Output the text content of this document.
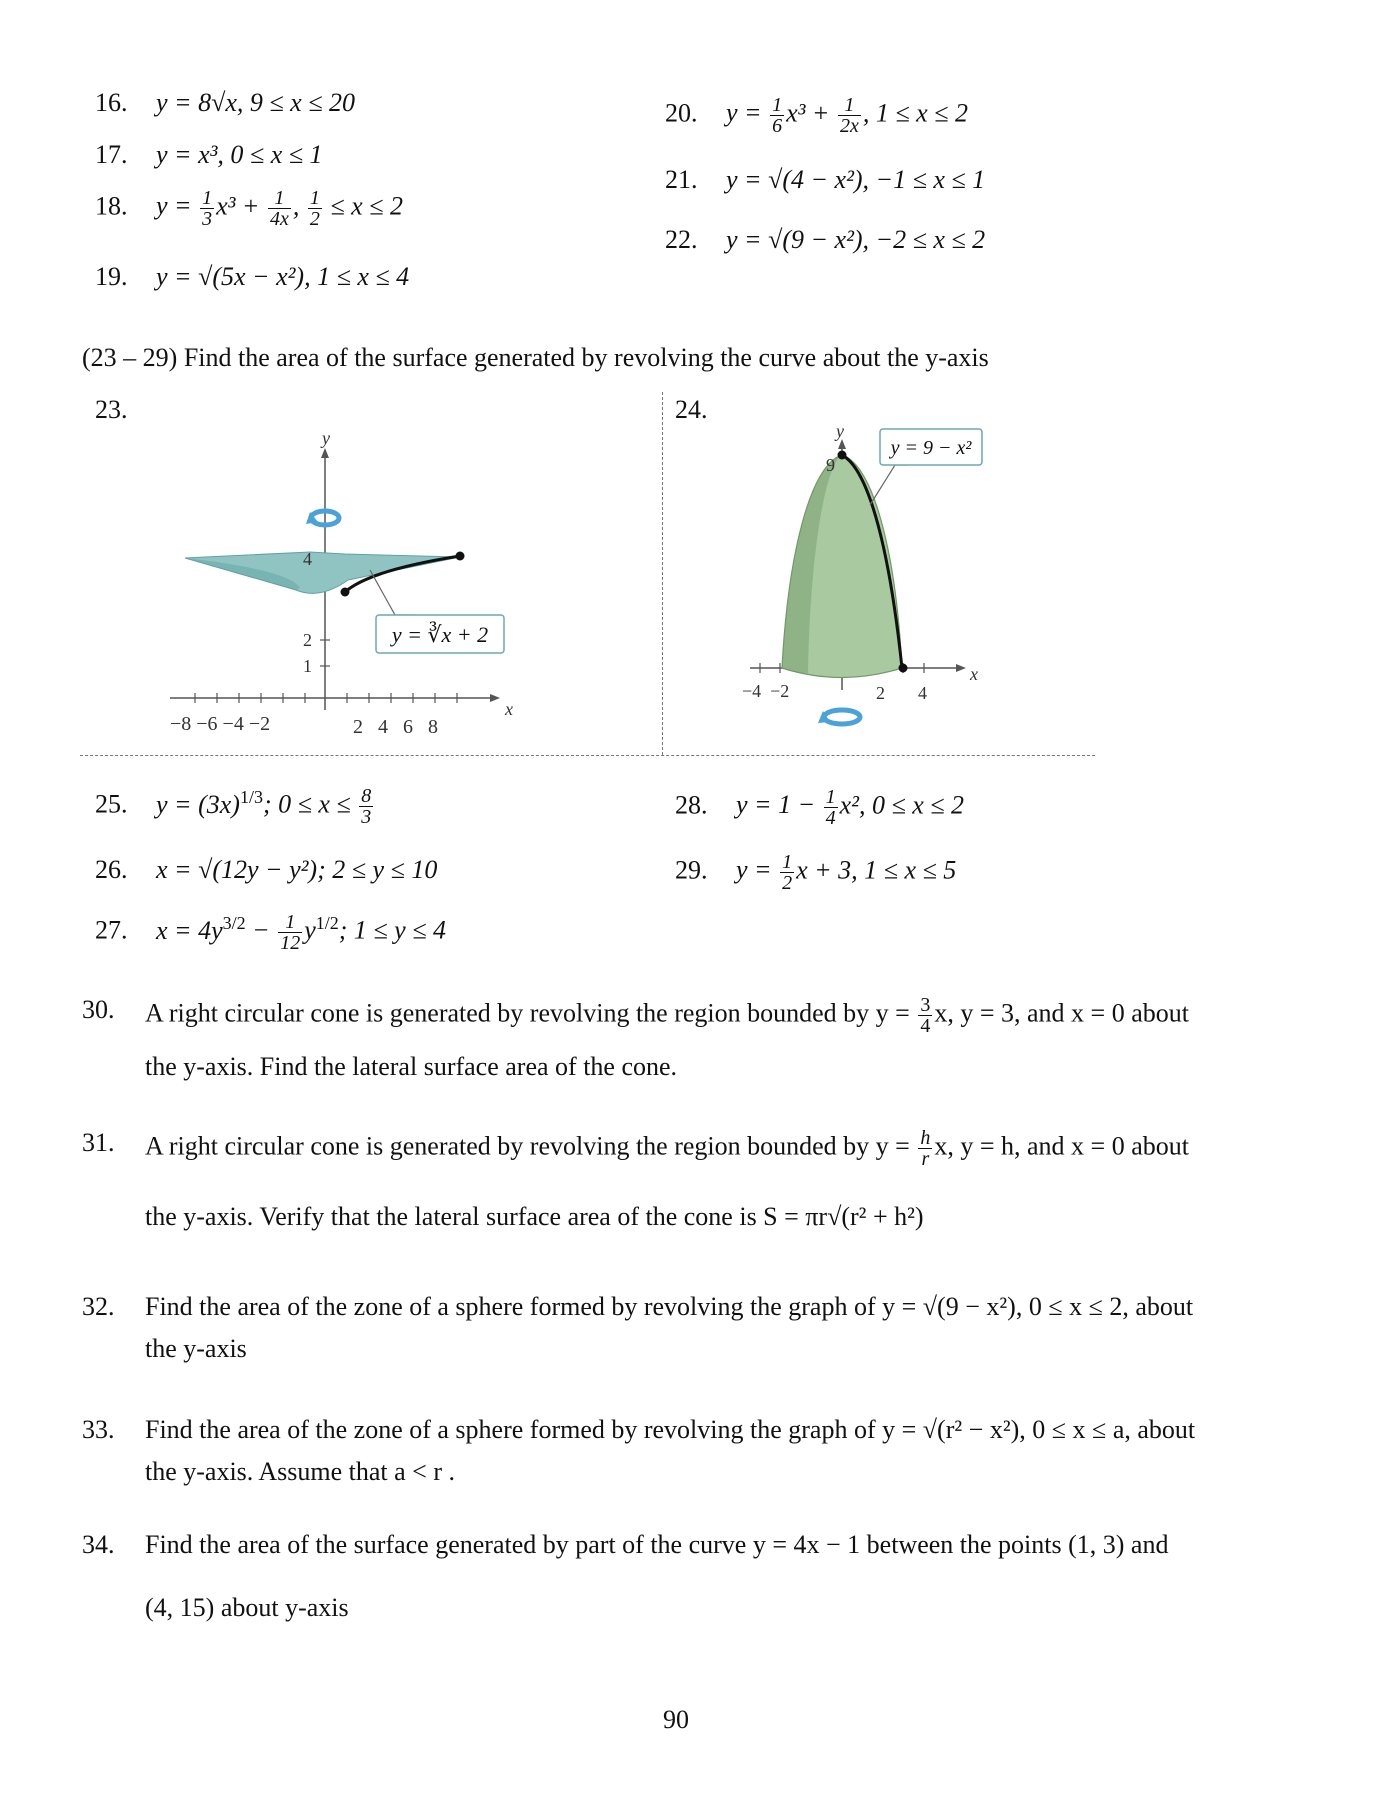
16. y = 8√x, 9 ≤ x ≤ 20
17. y = x³, 0 ≤ x ≤ 1
18. $y = \frac{1}{3} x^3 + \frac{1}{4x}$ , $\frac{1}{2} \le x \le 2$
19. y = √(5x − x²), 1 ≤ x ≤ 4
20. $y = \frac{1}{6} x^3 + \frac{1}{2x}$ , 1 ≤ x ≤ 2
21. y = √(4 − x²), −1 ≤ x ≤ 1
22. y = √(9 − x²), −2 ≤ x ≤ 2
(23 – 29) Find the area of the surface generated by revolving the curve about the y-axis
23.	24.
y = ∛x + 2
y
x
4
2
1
−8 −6 −4 −2	2   4   6   8
y = 9 − x²
y
x
9
−4  −2	2 4
25. $y = (3x)^{1/3}$; $0 \le x \le \frac{8}{3}$
26. x = √(12y − y²); 2 ≤ y ≤ 10
27. $x = 4y^{3/2} - \frac{1}{12} y^{1/2}$; 1 ≤ y ≤ 4
28. $y = 1 - \frac{1}{4} x^2$, 0 ≤ x ≤ 2
29. $y = \frac{1}{2}$ x + 3, 1 ≤ x ≤ 5
30. A right circular cone is generated by revolving the region bounded by $y = \frac{3}{4} x$, y = 3, and x = 0 about
the y-axis. Find the lateral surface area of the cone.
31. A right circular cone is generated by revolving the region bounded by $y = \frac{h}{r} x$, y = h, and x = 0 about
the y-axis. Verify that the lateral surface area of the cone is S = πr√(r² + h²)
32. Find the area of the zone of a sphere formed by revolving the graph of y = √(9 − x²), 0 ≤ x ≤ 2, about
the y-axis
33. Find the area of the zone of a sphere formed by revolving the graph of y = √(r² − x²), 0 ≤ x ≤ a, about
the y-axis. Assume that a < r .
34. Find the area of the surface generated by part of the curve y = 4x − 1 between the points (1, 3) and
(4, 15) about y-axis
90
